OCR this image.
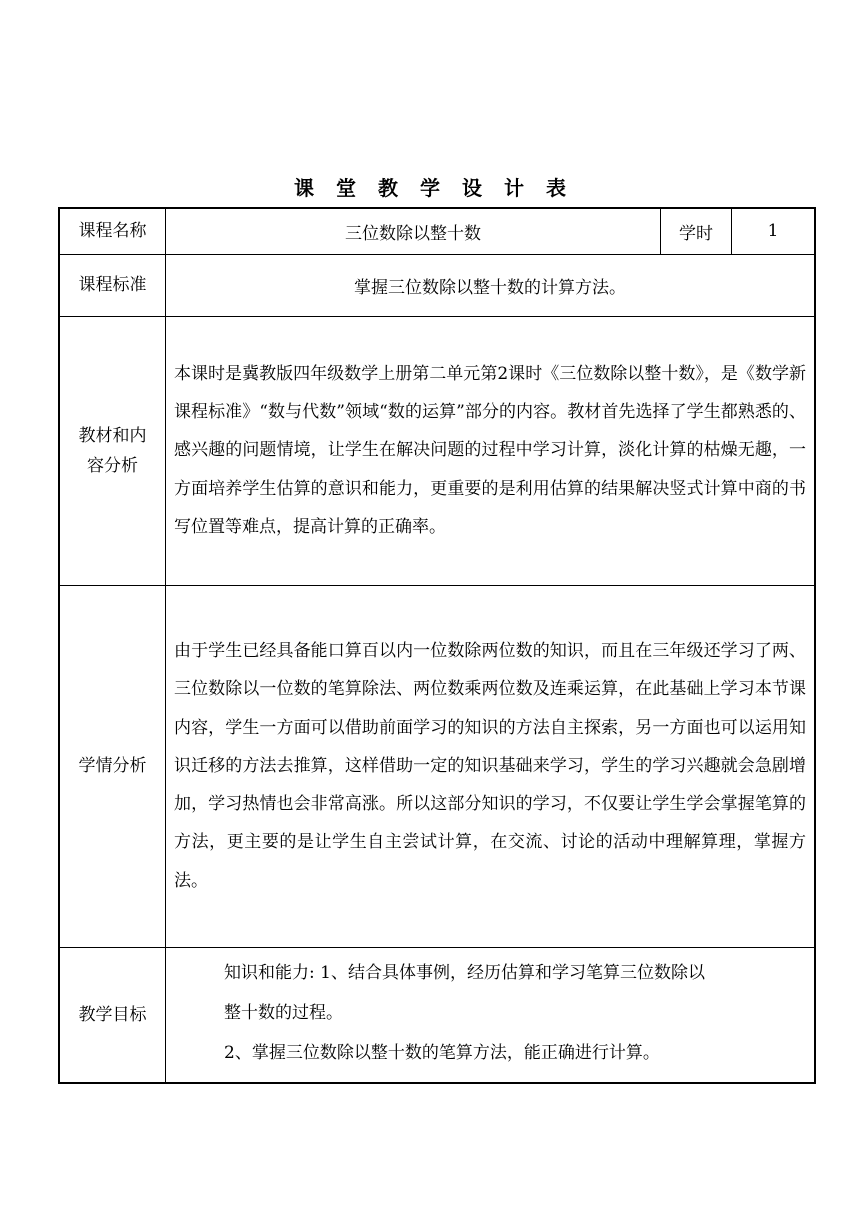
课堂教学设计表
课程名称	三位数除以整十数	学时	1
课程标准	掌握三位数除以整十数的计算方法。		
教材和内容分析	本课时是冀教版四年级数学上册第二单元第2课时《三位数除以整十数》，是《数学新课程标准》“数与代数”领域“数的运算”部分的内容。教材首先选择了学生都熟悉的、感兴趣的问题情境，让学生在解决问题的过程中学习计算，淡化计算的枯燥无趣，一方面培养学生估算的意识和能力，更重要的是利用估算的结果解决竖式计算中商的书写位置等难点，提高计算的正确率。		
学情分析	由于学生已经具备能口算百以内一位数除两位数的知识，而且在三年级还学习了两、三位数除以一位数的笔算除法、两位数乘两位数及连乘运算，在此基础上学习本节课内容，学生一方面可以借助前面学习的知识的方法自主探索，另一方面也可以运用知识迁移的方法去推算，这样借助一定的知识基础来学习，学生的学习兴趣就会急剧增加，学习热情也会非常高涨。所以这部分知识的学习，不仅要让学生学会掌握笔算的方法，更主要的是让学生自主尝试计算，在交流、讨论的活动中理解算理，掌握方法。		
教学目标	知识和能力: 1、结合具体事例，经历估算和学习笔算三位数除以
整十数的过程。
2、掌握三位数除以整十数的笔算方法，能正确进行计算。		
